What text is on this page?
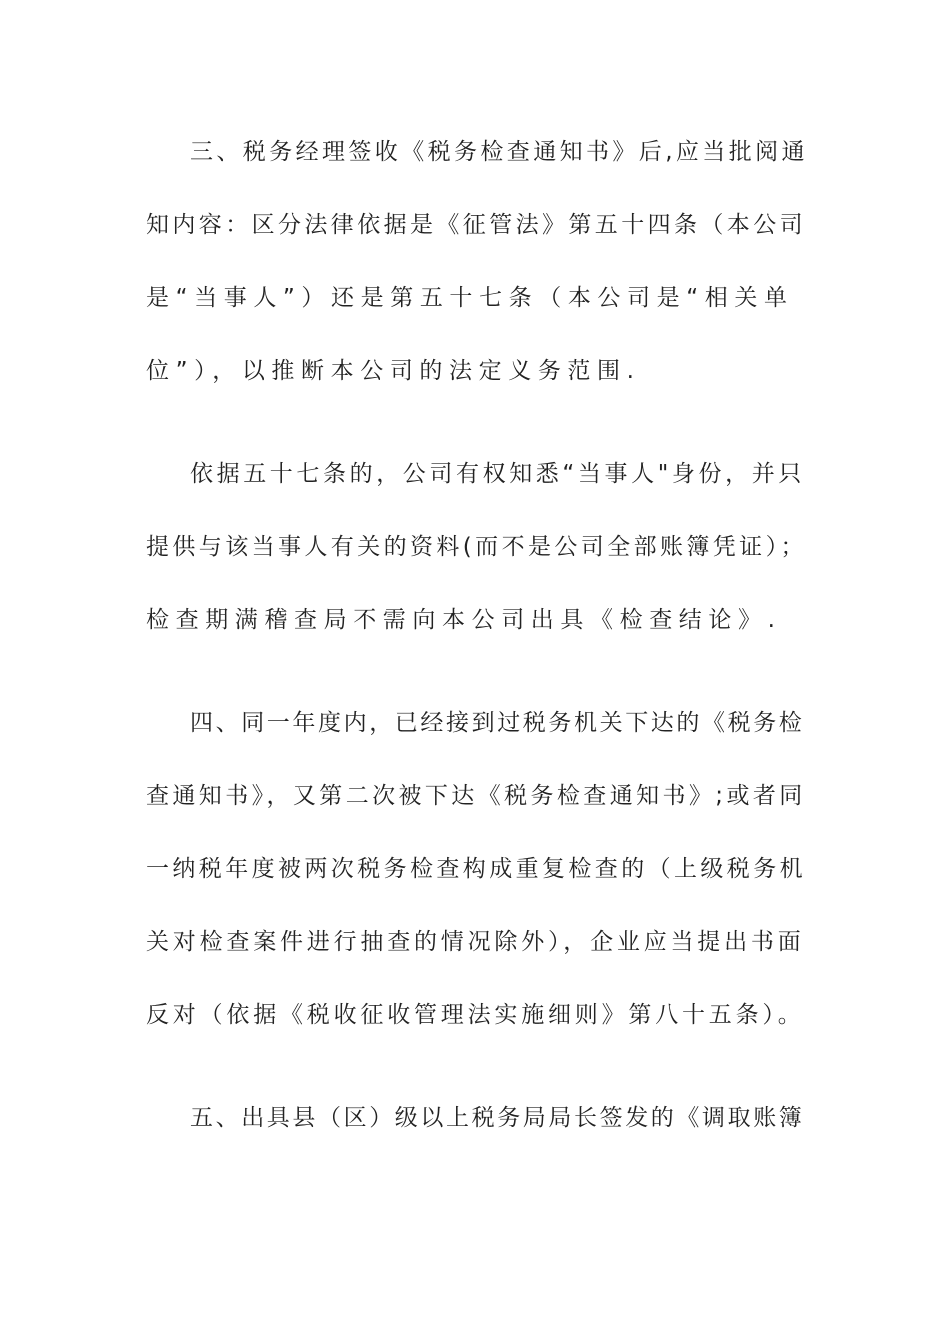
三、税务经理签收《税务检查通知书》后,应当批阅通
知内容：区分法律依据是《征管法》第五十四条（本公司
是“当事人”）还是第五十七条（本公司是“相关单
位”），以推断本公司的法定义务范围.
依据五十七条的，公司有权知悉“当事人"身份，并只
提供与该当事人有关的资料(而不是公司全部账簿凭证）；
检查期满稽查局不需向本公司出具《检查结论》.
四、同一年度内，已经接到过税务机关下达的《税务检
查通知书》，又第二次被下达《税务检查通知书》;或者同
一纳税年度被两次税务检查构成重复检查的（上级税务机
关对检查案件进行抽查的情况除外），企业应当提出书面
反对（依据《税收征收管理法实施细则》第八十五条）。
五、出具县（区）级以上税务局局长签发的《调取账簿
